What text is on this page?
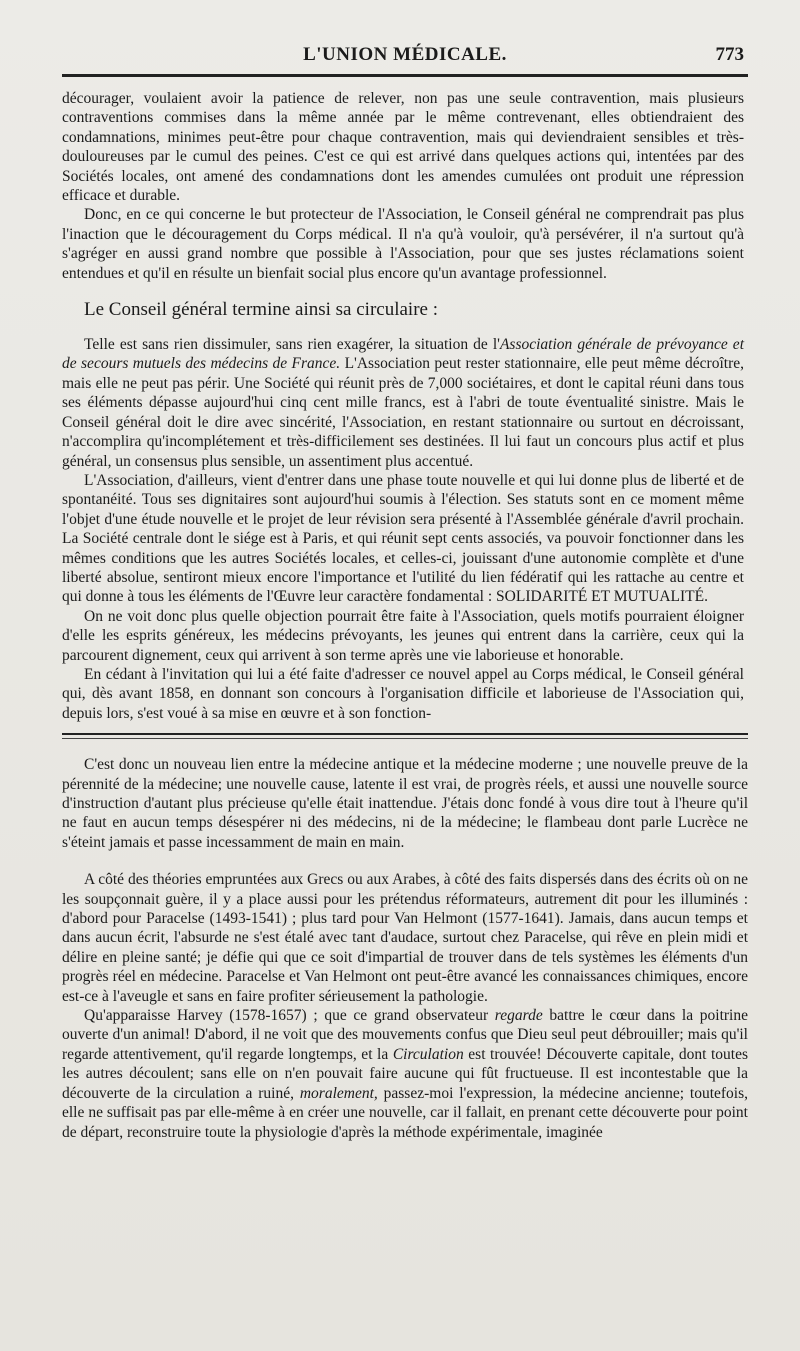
L'UNION MÉDICALE.	773

décourager, voulaient avoir la patience de relever, non pas une seule contravention, mais plusieurs contraventions commises dans la même année par le même contrevenant, elles obtiendraient des condamnations, minimes peut-être pour chaque contravention, mais qui deviendraient sensibles et très-douloureuses par le cumul des peines. C'est ce qui est arrivé dans quelques actions qui, intentées par des Sociétés locales, ont amené des condamnations dont les amendes cumulées ont produit une répression efficace et durable.

Donc, en ce qui concerne le but protecteur de l'Association, le Conseil général ne comprendrait pas plus l'inaction que le découragement du Corps médical. Il n'a qu'à vouloir, qu'à persévérer, il n'a surtout qu'à s'agréger en aussi grand nombre que possible à l'Association, pour que ses justes réclamations soient entendues et qu'il en résulte un bienfait social plus encore qu'un avantage professionnel.

Le Conseil général termine ainsi sa circulaire :

Telle est sans rien dissimuler, sans rien exagérer, la situation de l'Association générale de prévoyance et de secours mutuels des médecins de France. L'Association peut rester stationnaire, elle peut même décroître, mais elle ne peut pas périr. Une Société qui réunit près de 7,000 sociétaires, et dont le capital réuni dans tous ses éléments dépasse aujourd'hui cinq cent mille francs, est à l'abri de toute éventualité sinistre. Mais le Conseil général doit le dire avec sincérité, l'Association, en restant stationnaire ou surtout en décroissant, n'accomplira qu'incomplétement et très-difficilement ses destinées. Il lui faut un concours plus actif et plus général, un consensus plus sensible, un assentiment plus accentué.

L'Association, d'ailleurs, vient d'entrer dans une phase toute nouvelle et qui lui donne plus de liberté et de spontanéité. Tous ses dignitaires sont aujourd'hui soumis à l'élection. Ses statuts sont en ce moment même l'objet d'une étude nouvelle et le projet de leur révision sera présenté à l'Assemblée générale d'avril prochain. La Société centrale dont le siége est à Paris, et qui réunit sept cents associés, va pouvoir fonctionner dans les mêmes conditions que les autres Sociétés locales, et celles-ci, jouissant d'une autonomie complète et d'une liberté absolue, sentiront mieux encore l'importance et l'utilité du lien fédératif qui les rattache au centre et qui donne à tous les éléments de l'Œuvre leur caractère fondamental : SOLIDARITÉ ET MUTUALITÉ.

On ne voit donc plus quelle objection pourrait être faite à l'Association, quels motifs pourraient éloigner d'elle les esprits généreux, les médecins prévoyants, les jeunes qui entrent dans la carrière, ceux qui la parcourent dignement, ceux qui arrivent à son terme après une vie laborieuse et honorable.

En cédant à l'invitation qui lui a été faite d'adresser ce nouvel appel au Corps médical, le Conseil général qui, dès avant 1858, en donnant son concours à l'organisation difficile et laborieuse de l'Association qui, depuis lors, s'est voué à sa mise en œuvre et à son fonction-

C'est donc un nouveau lien entre la médecine antique et la médecine moderne ; une nouvelle preuve de la pérennité de la médecine; une nouvelle cause, latente il est vrai, de progrès réels, et aussi une nouvelle source d'instruction d'autant plus précieuse qu'elle était inattendue. J'étais donc fondé à vous dire tout à l'heure qu'il ne faut en aucun temps désespérer ni des médecins, ni de la médecine; le flambeau dont parle Lucrèce ne s'éteint jamais et passe incessamment de main en main.

A côté des théories empruntées aux Grecs ou aux Arabes, à côté des faits dispersés dans des écrits où on ne les soupçonnait guère, il y a place aussi pour les prétendus réformateurs, autrement dit pour les illuminés : d'abord pour Paracelse (1493-1541) ; plus tard pour Van Helmont (1577-1641). Jamais, dans aucun temps et dans aucun écrit, l'absurde ne s'est étalé avec tant d'audace, surtout chez Paracelse, qui rêve en plein midi et délire en pleine santé; je défie qui que ce soit d'impartial de trouver dans de tels systèmes les éléments d'un progrès réel en médecine. Paracelse et Van Helmont ont peut-être avancé les connaissances chimiques, encore est-ce à l'aveugle et sans en faire profiter sérieusement la pathologie.

Qu'apparaisse Harvey (1578-1657) ; que ce grand observateur regarde battre le cœur dans la poitrine ouverte d'un animal! D'abord, il ne voit que des mouvements confus que Dieu seul peut débrouiller; mais qu'il regarde attentivement, qu'il regarde longtemps, et la Circulation est trouvée! Découverte capitale, dont toutes les autres découlent; sans elle on n'en pouvait faire aucune qui fût fructueuse. Il est incontestable que la découverte de la circulation a ruiné, moralement, passez-moi l'expression, la médecine ancienne; toutefois, elle ne suffisait pas par elle-même à en créer une nouvelle, car il fallait, en prenant cette découverte pour point de départ, reconstruire toute la physiologie d'après la méthode expérimentale, imaginée
